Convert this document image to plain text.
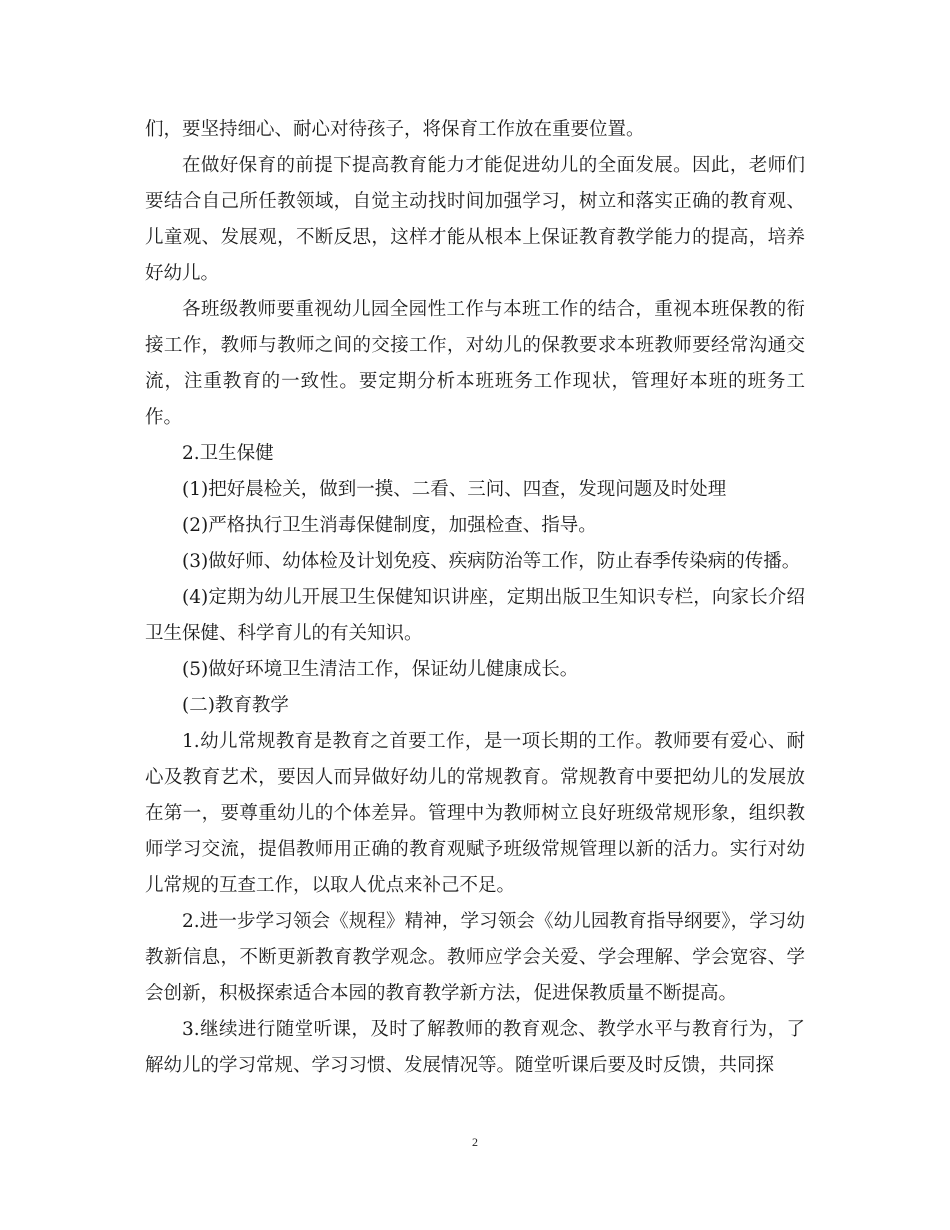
们，要坚持细心、耐心对待孩子，将保育工作放在重要位置。

在做好保育的前提下提高教育能力才能促进幼儿的全面发展。因此，老师们要结合自己所任教领域，自觉主动找时间加强学习，树立和落实正确的教育观、儿童观、发展观，不断反思，这样才能从根本上保证教育教学能力的提高，培养好幼儿。

各班级教师要重视幼儿园全园性工作与本班工作的结合，重视本班保教的衔接工作，教师与教师之间的交接工作，对幼儿的保教要求本班教师要经常沟通交流，注重教育的一致性。要定期分析本班班务工作现状，管理好本班的班务工作。

2.卫生保健

(1)把好晨检关，做到一摸、二看、三问、四查，发现问题及时处理

(2)严格执行卫生消毒保健制度，加强检查、指导。

(3)做好师、幼体检及计划免疫、疾病防治等工作，防止春季传染病的传播。

(4)定期为幼儿开展卫生保健知识讲座，定期出版卫生知识专栏，向家长介绍卫生保健、科学育儿的有关知识。

(5)做好环境卫生清洁工作，保证幼儿健康成长。

(二)教育教学

1.幼儿常规教育是教育之首要工作，是一项长期的工作。教师要有爱心、耐心及教育艺术，要因人而异做好幼儿的常规教育。常规教育中要把幼儿的发展放在第一，要尊重幼儿的个体差异。管理中为教师树立良好班级常规形象，组织教师学习交流，提倡教师用正确的教育观赋予班级常规管理以新的活力。实行对幼儿常规的互查工作，以取人优点来补己不足。

2.进一步学习领会《规程》精神，学习领会《幼儿园教育指导纲要》，学习幼教新信息，不断更新教育教学观念。教师应学会关爱、学会理解、学会宽容、学会创新，积极探索适合本园的教育教学新方法，促进保教质量不断提高。

3.继续进行随堂听课，及时了解教师的教育观念、教学水平与教育行为，了解幼儿的学习常规、学习习惯、发展情况等。随堂听课后要及时反馈，共同探

2
